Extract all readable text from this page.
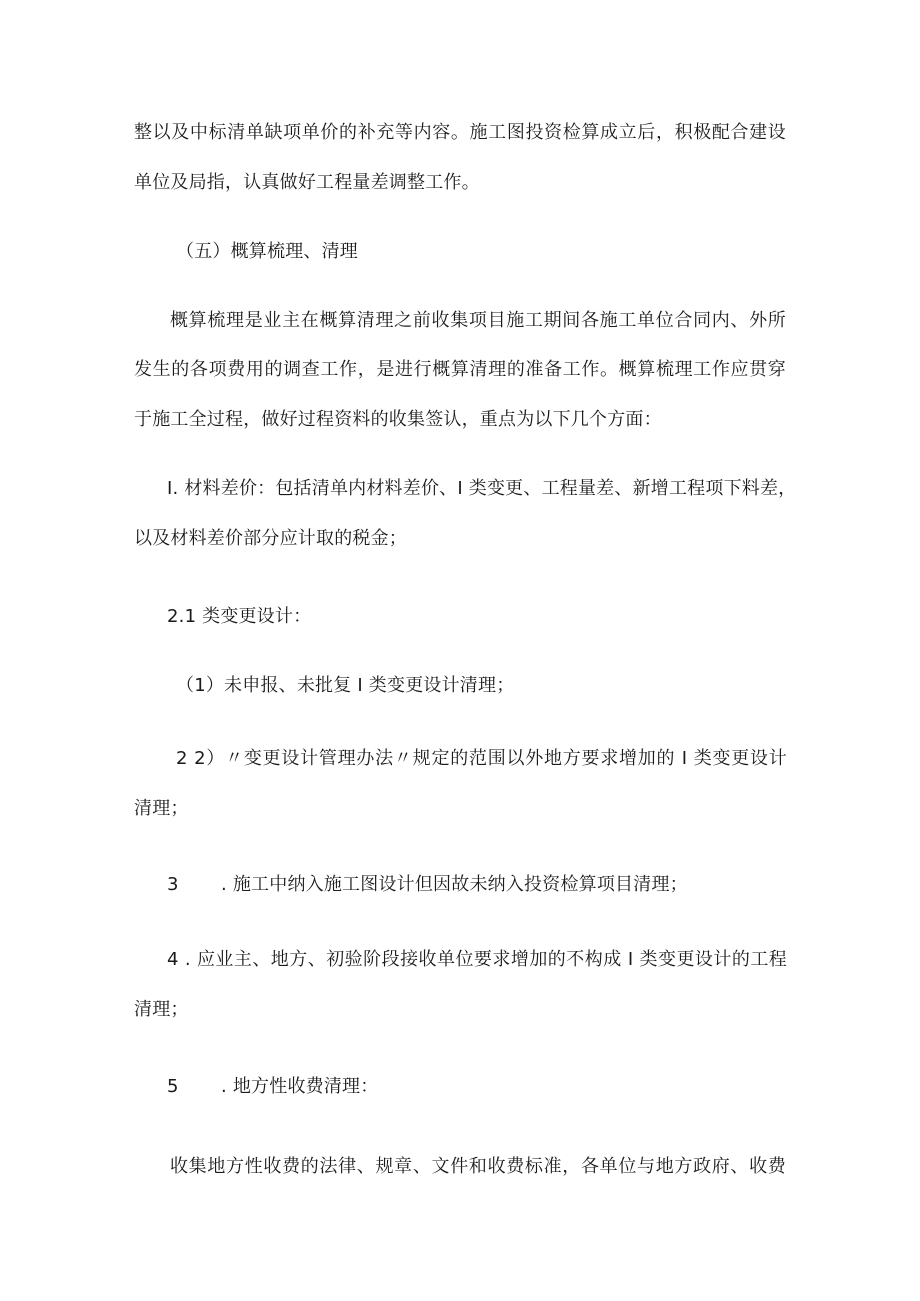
整以及中标清单缺项单价的补充等内容。施工图投资检算成立后，积极配合建设
单位及局指，认真做好工程量差调整工作。
（五）概算梳理、清理
概算梳理是业主在概算清理之前收集项目施工期间各施工单位合同内、外所
发生的各项费用的调查工作，是进行概算清理的准备工作。概算梳理工作应贯穿
于施工全过程，做好过程资料的收集签认，重点为以下几个方面：
I. 材料差价：包括清单内材料差价、I 类变更、工程量差、新增工程项下料差，
以及材料差价部分应计取的税金；
2.1 类变更设计：
（1）未申报、未批复 I 类变更设计清理；
2 2）〃变更设计管理办法〃规定的范围以外地方要求增加的 I 类变更设计
清理；
3 . 施工中纳入施工图设计但因故未纳入投资检算项目清理；
4 . 应业主、地方、初验阶段接收单位要求增加的不构成 I 类变更设计的工程
清理；
5 . 地方性收费清理：
收集地方性收费的法律、规章、文件和收费标准，各单位与地方政府、收费
